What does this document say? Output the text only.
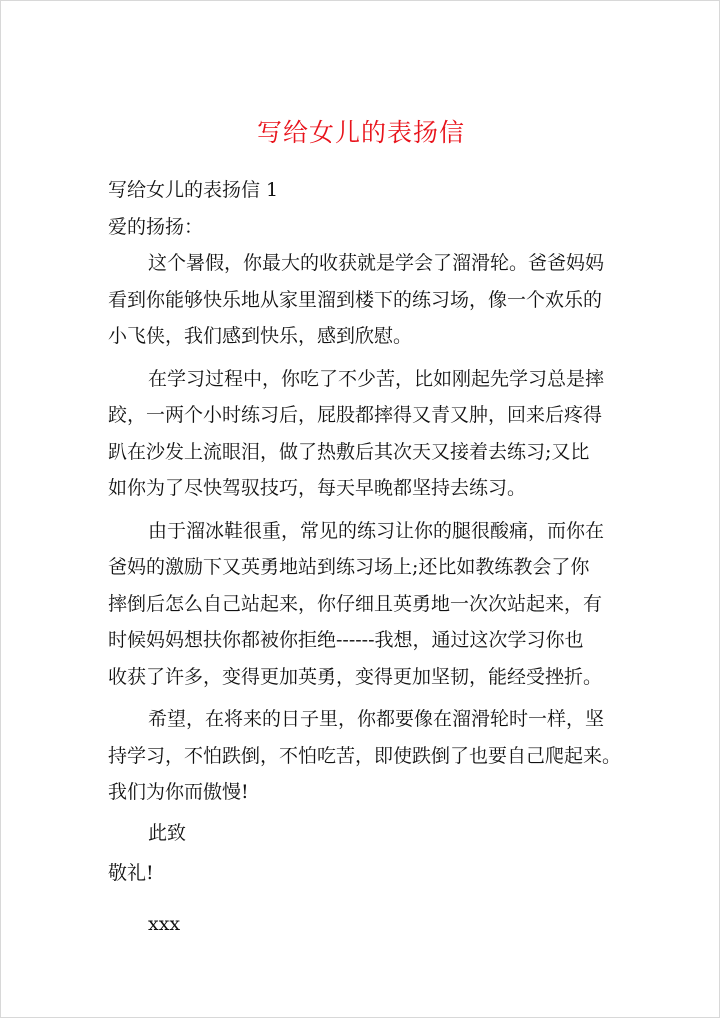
写给女儿的表扬信
写给女儿的表扬信 1
爱的扬扬：
这个暑假，你最大的收获就是学会了溜滑轮。爸爸妈妈
看到你能够快乐地从家里溜到楼下的练习场，像一个欢乐的
小飞侠，我们感到快乐，感到欣慰。
在学习过程中，你吃了不少苦，比如刚起先学习总是摔
跤，一两个小时练习后，屁股都摔得又青又肿，回来后疼得
趴在沙发上流眼泪，做了热敷后其次天又接着去练习;又比
如你为了尽快驾驭技巧，每天早晚都坚持去练习。
由于溜冰鞋很重，常见的练习让你的腿很酸痛，而你在
爸妈的激励下又英勇地站到练习场上;还比如教练教会了你
摔倒后怎么自己站起来，你仔细且英勇地一次次站起来，有
时候妈妈想扶你都被你拒绝------我想，通过这次学习你也
收获了许多，变得更加英勇，变得更加坚韧，能经受挫折。
希望，在将来的日子里，你都要像在溜滑轮时一样，坚
持学习，不怕跌倒，不怕吃苦，即使跌倒了也要自己爬起来。
我们为你而傲慢!
此致
敬礼!
xxx
